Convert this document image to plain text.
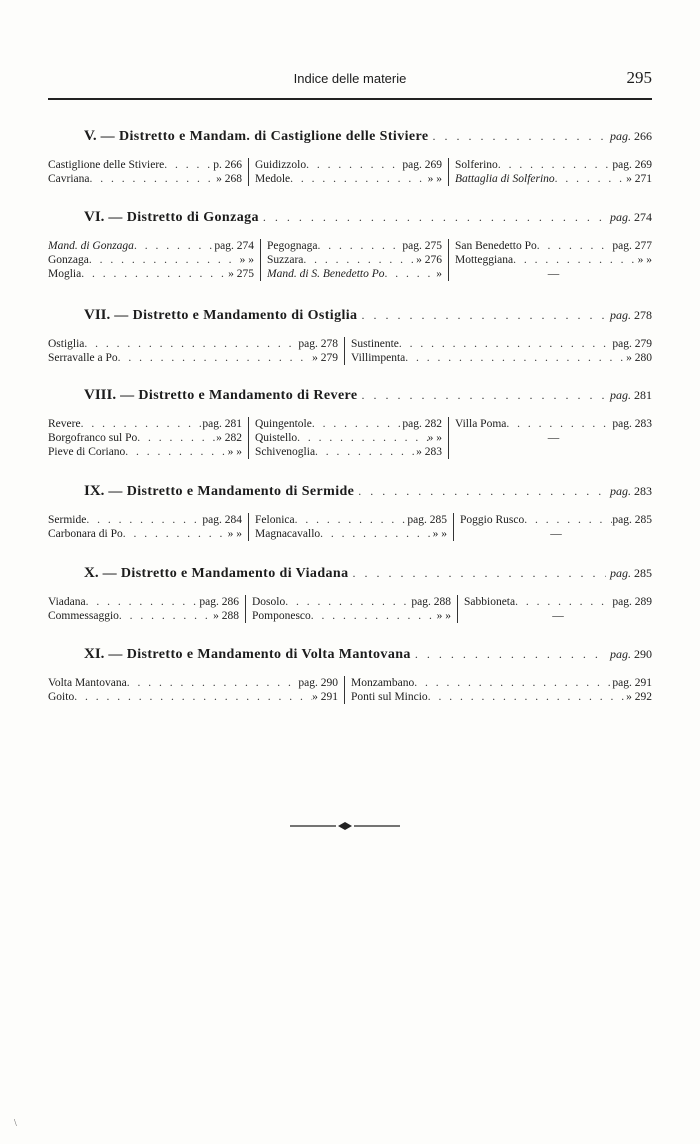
Indice delle materie	295
V. — Distretto e Mandam. di Castiglione delle Stiviere . . .	pag. 266
Castiglione delle Stiviere . . .	p. 266
Cavriana . . .	» 268
Guidizzolo . . .	pag. 269
Medole . . .	» »
Solferino . . .	pag. 269
Battaglia di Solferino . . .	» 271
VI. — Distretto di Gonzaga . . .	pag. 274
Mand. di Gonzaga . . .	pag. 274
Gonzaga . . .	» »
Moglia . . .	» 275
Pegognaga . . .	pag. 275
Suzzara . . .	» 276
Mand. di S. Benedetto Po . . .	»
San Benedetto Po . . .	pag. 277
Motteggiana . . .	» »
—
VII. — Distretto e Mandamento di Ostiglia . . .	pag. 278
Ostiglia . . .	pag. 278
Serravalle a Po . . .	» 279
Sustinente . . .	pag. 279
Villimpenta . . .	» 280
VIII. — Distretto e Mandamento di Revere . . .	pag. 281
Revere . . .	pag. 281
Borgofranco sul Po . . .	» 282
Pieve di Coriano . . .	» »
Quingentole . . .	pag. 282
Quistello . . .	» »
Schivenoglia . . .	» 283
Villa Poma . . .	pag. 283
—
IX. — Distretto e Mandamento di Sermide . . .	pag. 283
Sermide . . .	pag. 284
Carbonara di Po . . .	» »
Felonica . . .	pag. 285
Magnacavallo . . .	» »
Poggio Rusco . . .	pag. 285
—
X. — Distretto e Mandamento di Viadana . . .	pag. 285
Viadana . . .	pag. 286
Commessaggio . . .	» 288
Dosolo . . .	pag. 288
Pomponesco . . .	» »
Sabbioneta . . .	pag. 289
—
XI. — Distretto e Mandamento di Volta Mantovana . . .	pag. 290
Volta Mantovana . . .	pag. 290
Goito . . .	» 291
Monzambano . . .	pag. 291
Ponti sul Mincio . . .	» 292
\
